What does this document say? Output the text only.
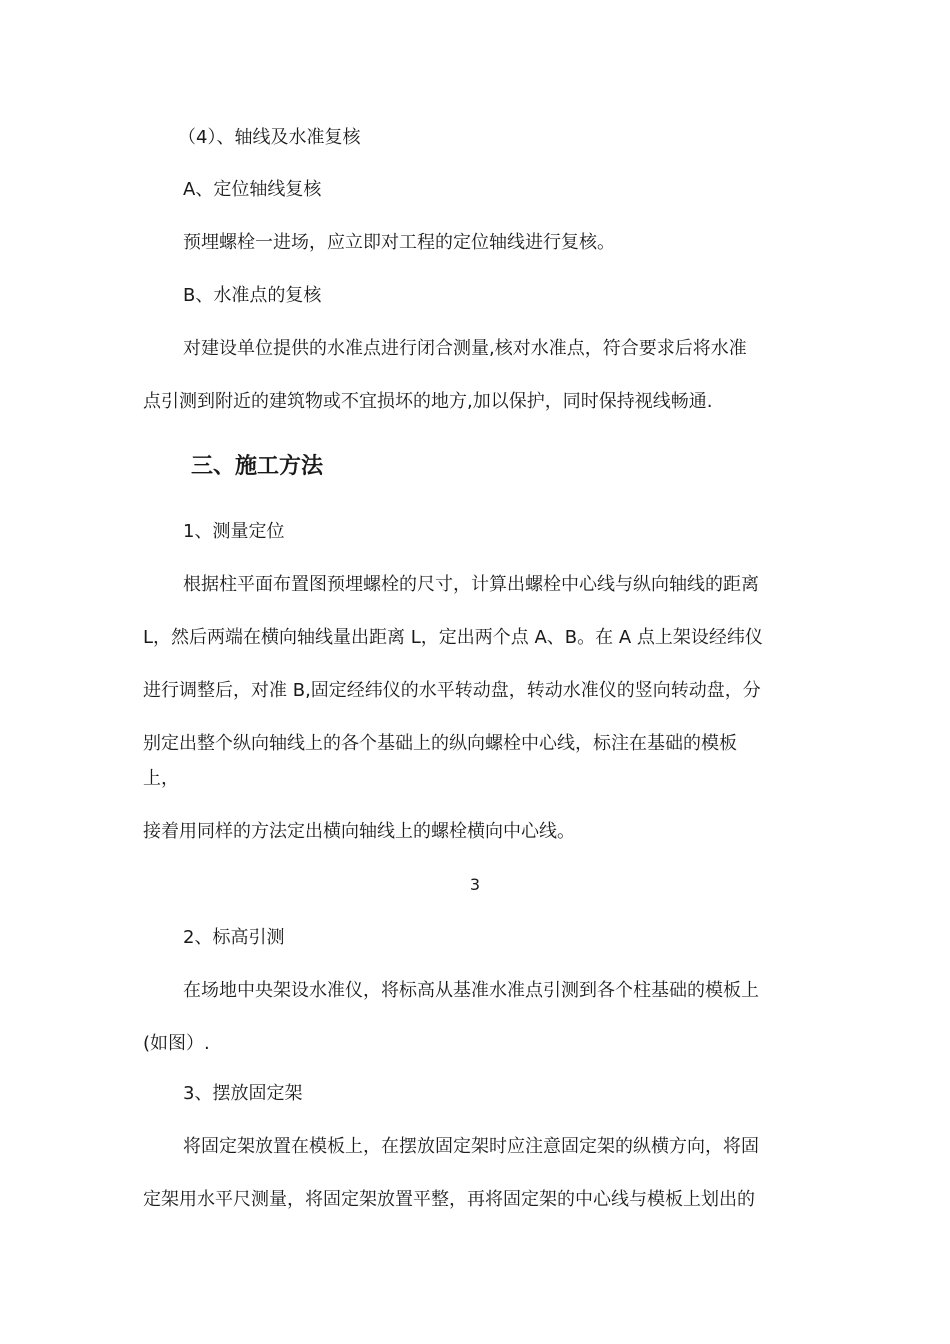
（4）、轴线及水准复核
A、定位轴线复核
预埋螺栓一进场，应立即对工程的定位轴线进行复核。
B、水准点的复核
对建设单位提供的水准点进行闭合测量,核对水准点，符合要求后将水准
点引测到附近的建筑物或不宜损坏的地方,加以保护，同时保持视线畅通.
三、施工方法
1、测量定位
根据柱平面布置图预埋螺栓的尺寸，计算出螺栓中心线与纵向轴线的距离
L，然后两端在横向轴线量出距离 L，定出两个点 A、B。在 A 点上架设经纬仪
进行调整后，对准 B,固定经纬仪的水平转动盘，转动水准仪的竖向转动盘，分
别定出整个纵向轴线上的各个基础上的纵向螺栓中心线，标注在基础的模板
上，
接着用同样的方法定出横向轴线上的螺栓横向中心线。
3
2、标高引测
在场地中央架设水准仪，将标高从基准水准点引测到各个柱基础的模板上
(如图）.
3、摆放固定架
将固定架放置在模板上，在摆放固定架时应注意固定架的纵横方向，将固
定架用水平尺测量，将固定架放置平整，再将固定架的中心线与模板上划出的
